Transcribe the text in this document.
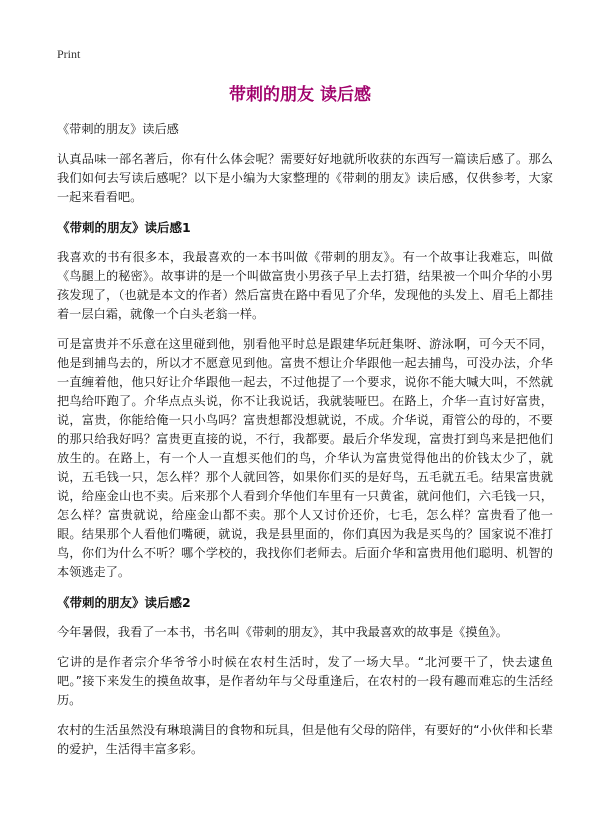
Print
带刺的朋友 读后感

《带刺的朋友》读后感

认真品味一部名著后，你有什么体会呢？需要好好地就所收获的东西写一篇读后感了。那么我们如何去写读后感呢？以下是小编为大家整理的《带刺的朋友》读后感，仅供参考，大家一起来看看吧。

《带刺的朋友》读后感1

我喜欢的书有很多本，我最喜欢的一本书叫做《带刺的朋友》。有一个故事让我难忘，叫做《鸟腿上的秘密》。故事讲的是一个叫做富贵小男孩子早上去打猎，结果被一个叫介华的小男孩发现了，（也就是本文的作者）然后富贵在路中看见了介华，发现他的头发上、眉毛上都挂着一层白霜，就像一个白头老翁一样。

可是富贵并不乐意在这里碰到他，别看他平时总是跟建华玩赶集呀、游泳啊，可今天不同，他是到捕鸟去的，所以才不愿意见到他。富贵不想让介华跟他一起去捕鸟，可没办法，介华一直缠着他，他只好让介华跟他一起去，不过他提了一个要求，说你不能大喊大叫，不然就把鸟给吓跑了。介华点点头说，你不让我说话，我就装哑巴。在路上，介华一直讨好富贵，说，富贵，你能给俺一只小鸟吗？富贵想都没想就说，不成。介华说，甭管公的母的，不要的那只给我好吗？富贵更直接的说，不行，我都要。最后介华发现，富贵打到鸟来是把他们放生的。在路上，有一个人一直想买他们的鸟，介华认为富贵觉得他出的价钱太少了，就说，五毛钱一只，怎么样？那个人就回答，如果你们买的是好鸟，五毛就五毛。结果富贵就说，给座金山也不卖。后来那个人看到介华他们车里有一只黄雀，就问他们，六毛钱一只，怎么样？富贵就说，给座金山都不卖。那个人又讨价还价，七毛，怎么样？富贵看了他一眼。结果那个人看他们嘴硬，就说，我是县里面的，你们真因为我是买鸟的？国家说不准打鸟，你们为什么不听？哪个学校的，我找你们老师去。后面介华和富贵用他们聪明、机智的本领逃走了。

《带刺的朋友》读后感2

今年暑假，我看了一本书，书名叫《带刺的朋友》，其中我最喜欢的故事是《摸鱼》。

它讲的是作者宗介华爷爷小时候在农村生活时，发了一场大旱。“北河要干了，快去逮鱼吧。”接下来发生的摸鱼故事，是作者幼年与父母重逢后，在农村的一段有趣而难忘的生活经历。

农村的生活虽然没有琳琅满目的食物和玩具，但是他有父母的陪伴，有要好的“小伙伴和长辈的爱护，生活得丰富多彩。
